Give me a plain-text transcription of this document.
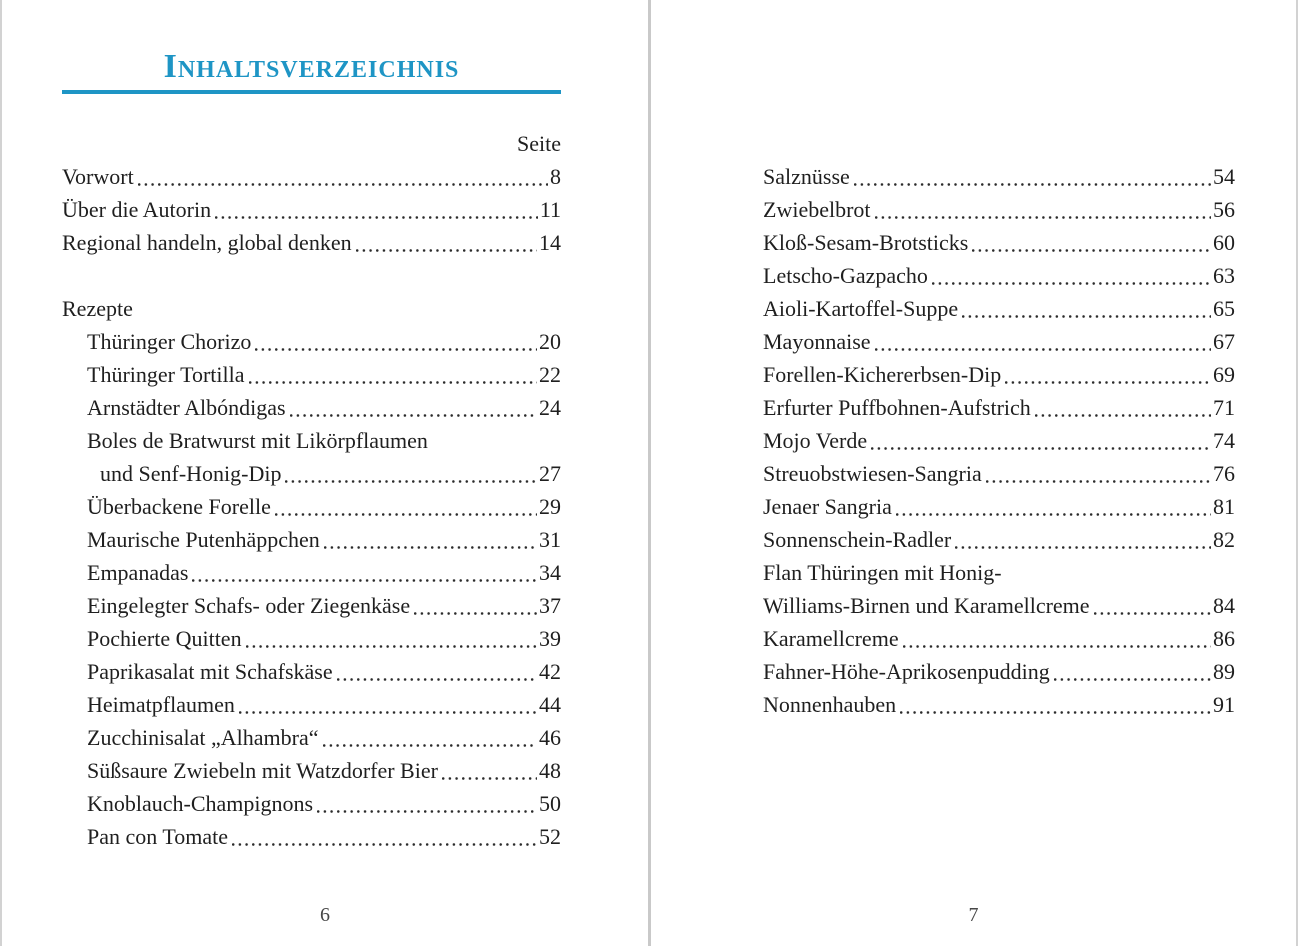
Inhaltsverzeichnis
Seite
Vorwort	8
Über die Autorin	11
Regional handeln, global denken	14
Rezepte
Thüringer Chorizo	20
Thüringer Tortilla	22
Arnstädter Albóndigas	24
Boles de Bratwurst mit Likörpflaumen
und Senf-Honig-Dip	27
Überbackene Forelle	29
Maurische Putenhäppchen	31
Empanadas	34
Eingelegter Schafs- oder Ziegenkäse	37
Pochierte Quitten	39
Paprikasalat mit Schafskäse	42
Heimatpflaumen	44
Zucchinisalat „Alhambra“	46
Süßsaure Zwiebeln mit Watzdorfer Bier	48
Knoblauch-Champignons	50
Pan con Tomate	52
6
Salznüsse	54
Zwiebelbrot	56
Kloß-Sesam-Brotsticks	60
Letscho-Gazpacho	63
Aioli-Kartoffel-Suppe	65
Mayonnaise	67
Forellen-Kichererbsen-Dip	69
Erfurter Puffbohnen-Aufstrich	71
Mojo Verde	74
Streuobstwiesen-Sangria	76
Jenaer Sangria	81
Sonnenschein-Radler	82
Flan Thüringen mit Honig-
Williams-Birnen und Karamellcreme	84
Karamellcreme	86
Fahner-Höhe-Aprikosenpudding	89
Nonnenhauben	91
7
